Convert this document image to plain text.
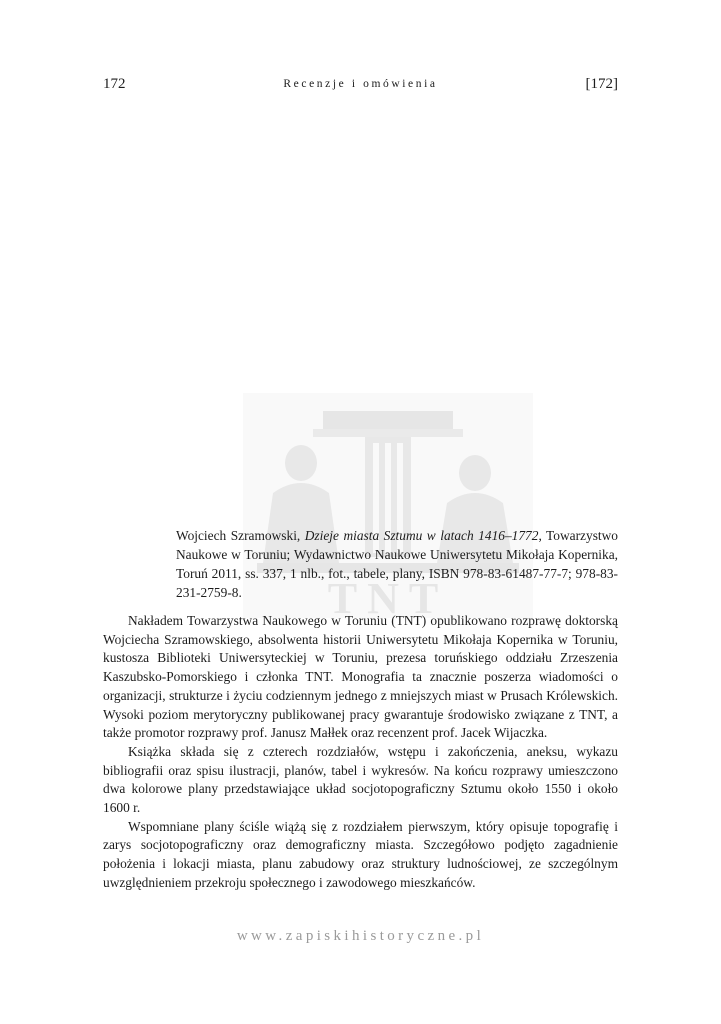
172	Recenzje i omówienia	[172]
TNT
Wojciech Szramowski, Dzieje miasta Sztumu w latach 1416–1772, Towarzystwo Naukowe w Toruniu; Wydawnictwo Naukowe Uniwersytetu Mikołaja Kopernika, Toruń 2011, ss. 337, 1 nlb., fot., tabele, plany, ISBN 978-83-61487-77-7; 978-83-231-2759-8.

Nakładem Towarzystwa Naukowego w Toruniu (TNT) opublikowano rozprawę doktorską Wojciecha Szramowskiego, absolwenta historii Uniwersytetu Mikołaja Kopernika w Toruniu, kustosza Biblioteki Uniwersyteckiej w Toruniu, prezesa toruńskiego oddziału Zrzeszenia Kaszubsko-Pomorskiego i członka TNT. Monografia ta znacznie poszerza wiadomości o organizacji, strukturze i życiu codziennym jednego z mniejszych miast w Prusach Królewskich. Wysoki poziom merytoryczny publikowanej pracy gwarantuje środowisko związane z TNT, a także promotor rozprawy prof. Janusz Małłek oraz recenzent prof. Jacek Wijaczka.

Książka składa się z czterech rozdziałów, wstępu i zakończenia, aneksu, wykazu bibliografii oraz spisu ilustracji, planów, tabel i wykresów. Na końcu rozprawy umieszczono dwa kolorowe plany przedstawiające układ socjotopograficzny Sztumu około 1550 i około 1600 r.

Wspomniane plany ściśle wiążą się z rozdziałem pierwszym, który opisuje topografię i zarys socjotopograficzny oraz demograficzny miasta. Szczegółowo podjęto zagadnienie położenia i lokacji miasta, planu zabudowy oraz struktury ludnościowej, ze szczególnym uwzględnieniem przekroju społecznego i zawodowego mieszkańców.

www.zapiskihistoryczne.pl
